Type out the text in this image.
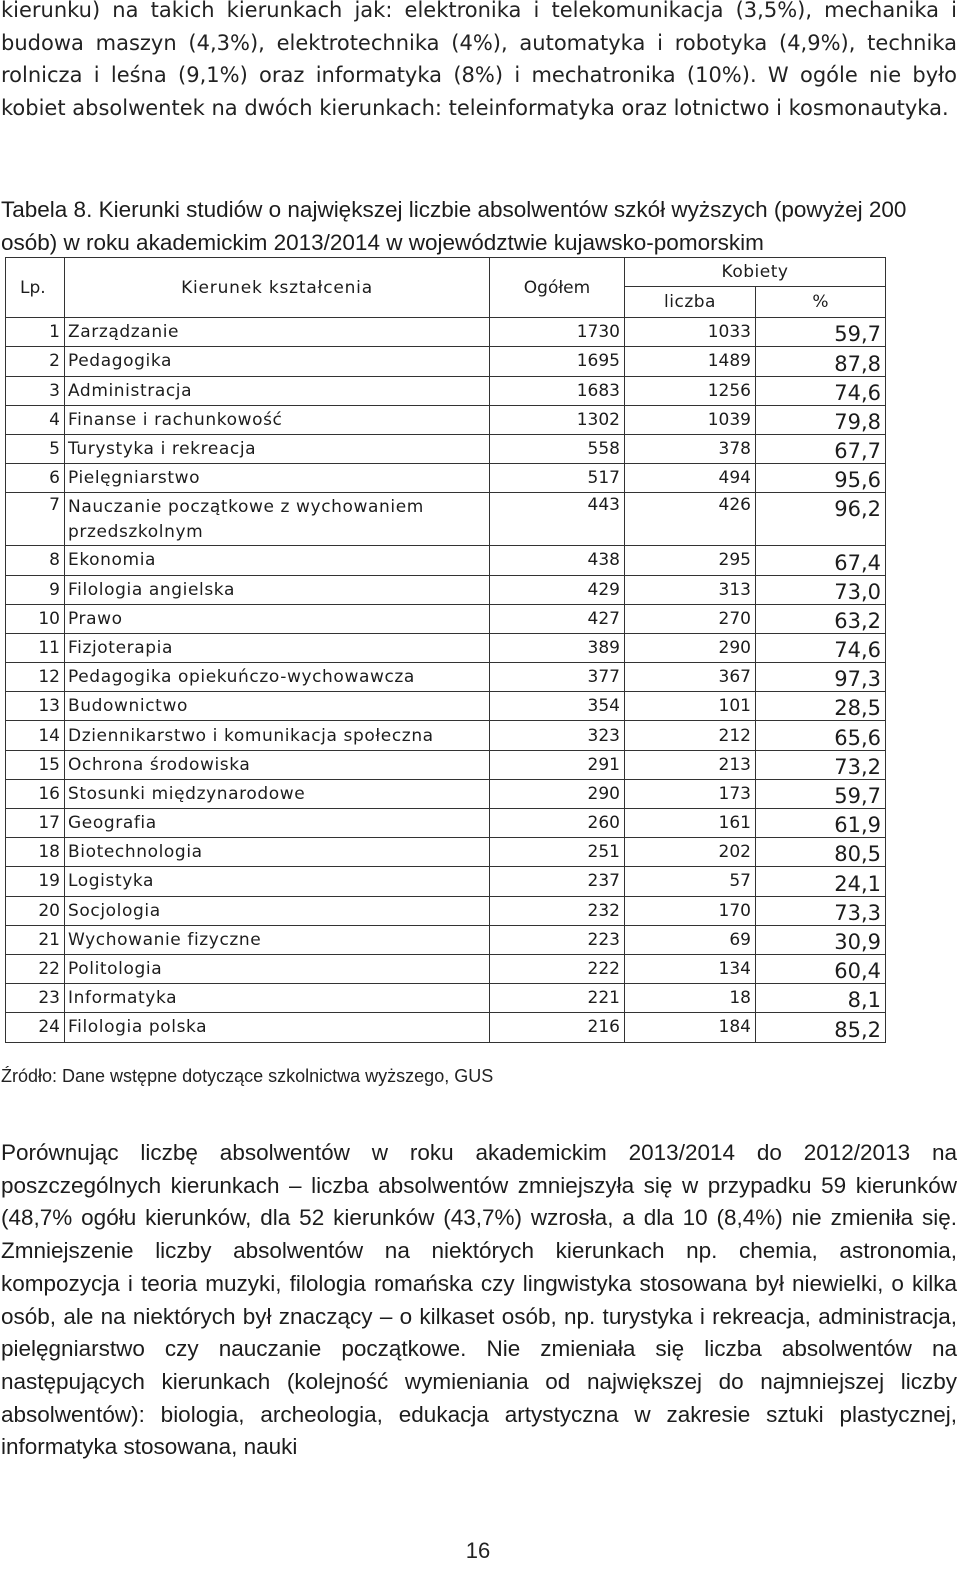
kierunku) na takich kierunkach jak: elektronika i telekomunikacja (3,5%), mechanika i budowa maszyn (4,3%), elektrotechnika (4%), automatyka i robotyka (4,9%), technika rolnicza i leśna (9,1%) oraz informatyka (8%) i mechatronika (10%). W ogóle nie było kobiet absolwentek na dwóch kierunkach: teleinformatyka oraz lotnictwo i kosmonautyka.

Tabela 8. Kierunki studiów o największej liczbie absolwentów szkół wyższych (powyżej 200 osób) w roku akademickim 2013/2014 w województwie kujawsko-pomorskim

Lp.	Kierunek kształcenia	Ogółem	Kobiety	
			liczba	%
1	Zarządzanie	1730	1033	59,7
2	Pedagogika	1695	1489	87,8
3	Administracja	1683	1256	74,6
4	Finanse i rachunkowość	1302	1039	79,8
5	Turystyka i rekreacja	558	378	67,7
6	Pielęgniarstwo	517	494	95,6
7	Nauczanie początkowe z wychowaniem przedszkolnym	443	426	96,2
8	Ekonomia	438	295	67,4
9	Filologia angielska	429	313	73,0
10	Prawo	427	270	63,2
11	Fizjoterapia	389	290	74,6
12	Pedagogika opiekuńczo-wychowawcza	377	367	97,3
13	Budownictwo	354	101	28,5
14	Dziennikarstwo i komunikacja społeczna	323	212	65,6
15	Ochrona środowiska	291	213	73,2
16	Stosunki międzynarodowe	290	173	59,7
17	Geografia	260	161	61,9
18	Biotechnologia	251	202	80,5
19	Logistyka	237	57	24,1
20	Socjologia	232	170	73,3
21	Wychowanie fizyczne	223	69	30,9
22	Politologia	222	134	60,4
23	Informatyka	221	18	8,1
24	Filologia polska	216	184	85,2

Źródło: Dane wstępne dotyczące szkolnictwa wyższego, GUS

Porównując liczbę absolwentów w roku akademickim 2013/2014 do 2012/2013 na poszczególnych kierunkach – liczba absolwentów zmniejszyła się w przypadku 59 kierunków (48,7% ogółu kierunków, dla 52 kierunków (43,7%) wzrosła, a dla 10 (8,4%) nie zmieniła się. Zmniejszenie liczby absolwentów na niektórych kierunkach np. chemia, astronomia, kompozycja i teoria muzyki, filologia romańska czy lingwistyka stosowana był niewielki, o kilka osób, ale na niektórych był znaczący – o kilkaset osób, np. turystyka i rekreacja, administracja, pielęgniarstwo czy nauczanie początkowe. Nie zmieniała się liczba absolwentów na następujących kierunkach (kolejność wymieniania od największej do najmniejszej liczby absolwentów): biologia, archeologia, edukacja artystyczna w zakresie sztuki plastycznej, informatyka stosowana, nauki

16
